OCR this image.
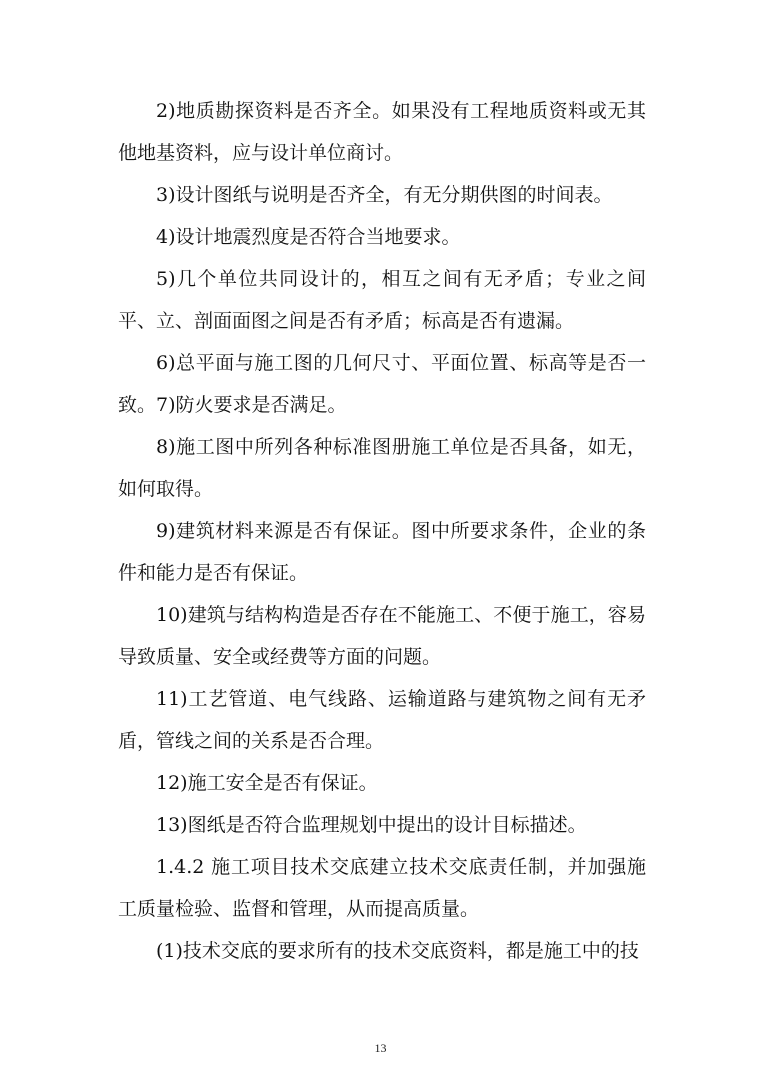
2)地质勘探资料是否齐全。如果没有工程地质资料或无其他地基资料，应与设计单位商讨。

3)设计图纸与说明是否齐全，有无分期供图的时间表。

4)设计地震烈度是否符合当地要求。

5)几个单位共同设计的，相互之间有无矛盾；专业之间平、立、剖面面图之间是否有矛盾；标高是否有遗漏。

6)总平面与施工图的几何尺寸、平面位置、标高等是否一致。 7)防火要求是否满足。

8)施工图中所列各种标准图册施工单位是否具备，如无，如何取得。

9)建筑材料来源是否有保证。图中所要求条件，企业的条件和能力是否有保证。

10)建筑与结构构造是否存在不能施工、不便于施工，容易导致质量、安全或经费等方面的问题。

11)工艺管道、电气线路、运输道路与建筑物之间有无矛盾，管线之间的关系是否合理。

12)施工安全是否有保证。

13)图纸是否符合监理规划中提出的设计目标描述。

1.4.2 施工项目技术交底建立技术交底责任制，并加强施工质量检验、监督和管理，从而提高质量。

(1)技术交底的要求所有的技术交底资料，都是施工中的技

13
